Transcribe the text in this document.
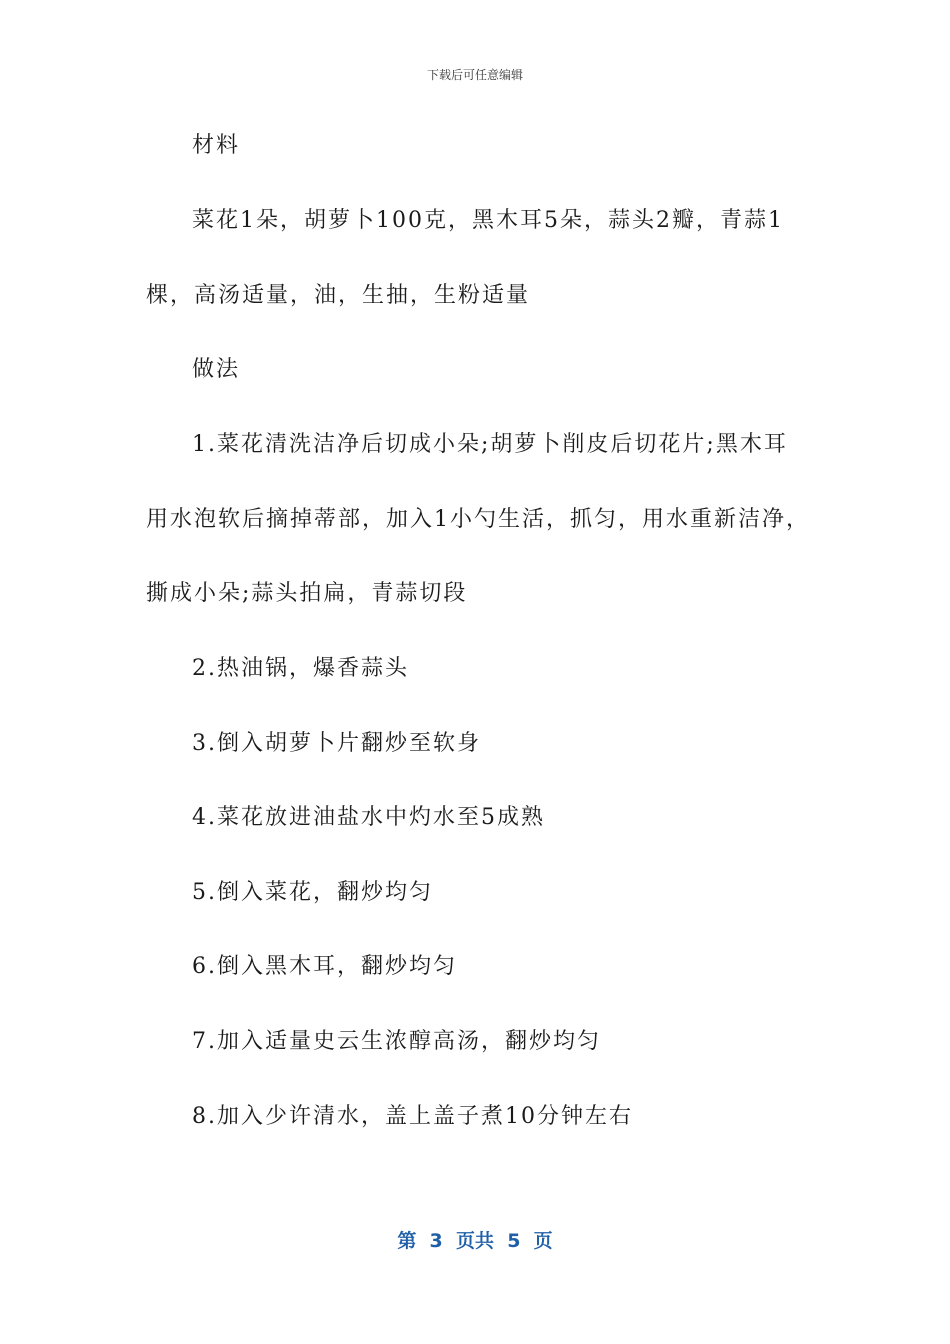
下载后可任意编辑
材料
菜花1朵，胡萝卜100克，黑木耳5朵，蒜头2瓣，青蒜1
棵，高汤适量，油，生抽，生粉适量
做法
1.菜花清洗洁净后切成小朵;胡萝卜削皮后切花片;黑木耳
用水泡软后摘掉蒂部，加入1小勺生活，抓匀，用水重新洁净，
撕成小朵;蒜头拍扁，青蒜切段
2.热油锅，爆香蒜头
3.倒入胡萝卜片翻炒至软身
4.菜花放进油盐水中灼水至5成熟
5.倒入菜花，翻炒均匀
6.倒入黑木耳，翻炒均匀
7.加入适量史云生浓醇高汤，翻炒均匀
8.加入少许清水，盖上盖子煮10分钟左右
第  3  页共  5  页
